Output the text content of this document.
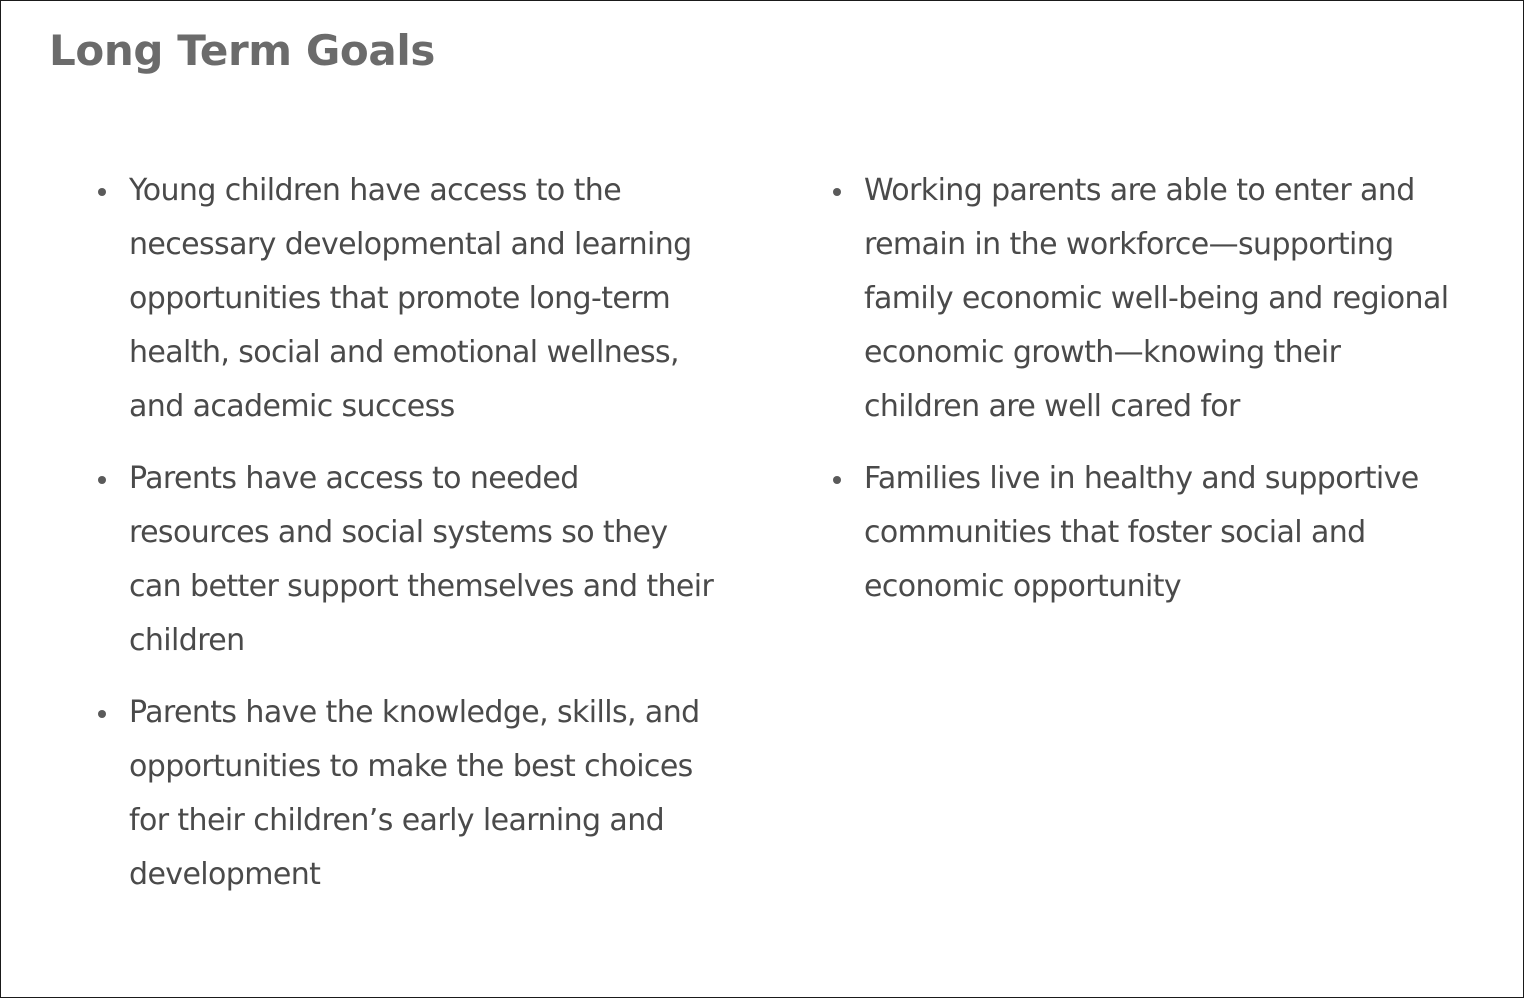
Long Term Goals
Young children have access to the necessary developmental and learning opportunities that promote long-term health, social and emotional wellness, and academic success
Parents have access to needed resources and social systems so they can better support themselves and their children
Parents have the knowledge, skills, and opportunities to make the best choices for their children’s early learning and development
Working parents are able to enter and remain in the workforce—supporting family economic well-being and regional economic growth—knowing their children are well cared for
Families live in healthy and supportive communities that foster social and economic opportunity
